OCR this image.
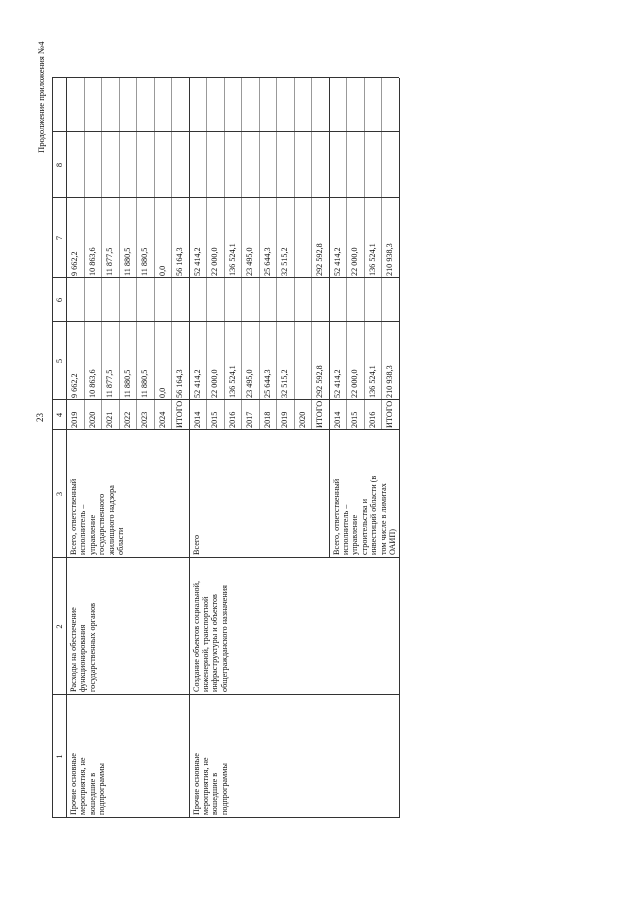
23
Продолжение приложения №4
1
2
3
4
5
6
7
8
Прочие основные мероприятия, не вошедшие в подпрограммы
Расходы на обеспечение функционирования государственных органов
Всего, ответственный исполнитель – управление государственного жилищного надзора области
2019
9 662,2
9 662,2
2020
10 863,6
10 863,6
2021
11 877,5
11 877,5
2022
11 880,5
11 880,5
2023
11 880,5
11 880,5
2024
0,0
0,0
ИТОГО
56 164,3
56 164,3
Прочие основные мероприятия, не вошедшие в подпрограммы
Создание объектов социальной, инженерной, транспортной инфраструктуры и объектов общегражданского назначения
Всего
2014
52 414,2
52 414,2
2015
22 000,0
22 000,0
2016
136 524,1
136 524,1
2017
23 495,0
23 495,0
2018
25 644,3
25 644,3
2019
32 515,2
32 515,2
2020 ИТОГО
292 592,8
292 592,8
Всего, ответственный исполнитель – управление строительства и инвестиций области (в том числе в лимитах ОАИП)
2014
52 414,2
52 414,2
2015
22 000,0
22 000,0
2016
136 524,1
136 524,1
ИТОГО
210 938,3
210 938,3
